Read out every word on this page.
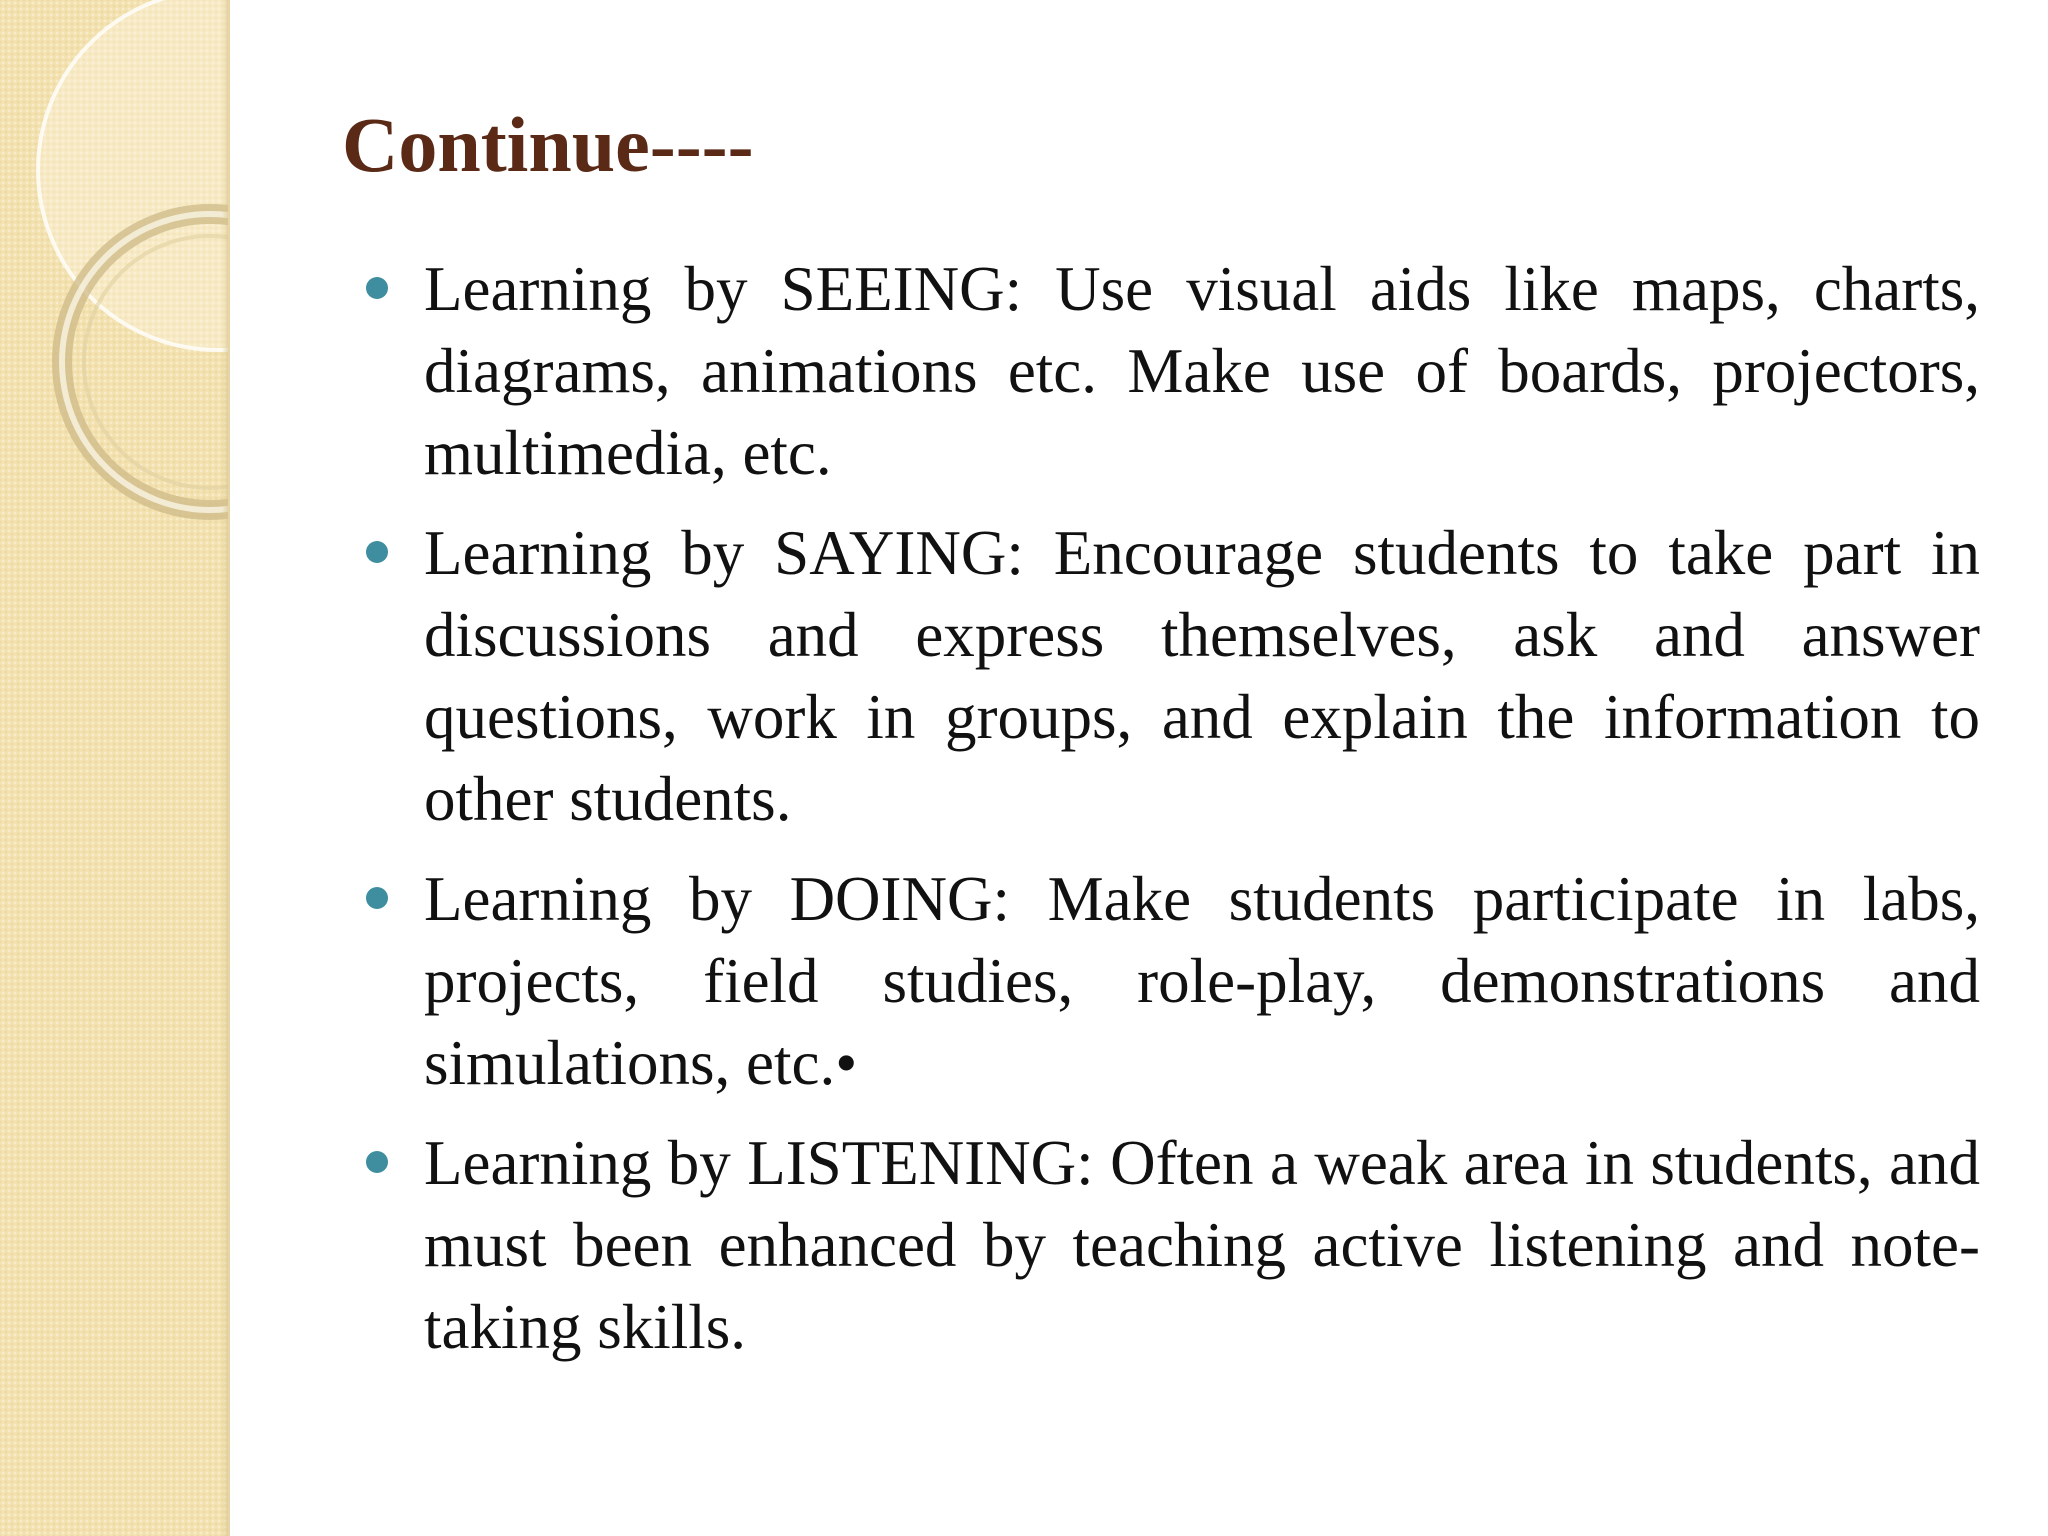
Continue----
Learning by SEEING: Use visual aids like maps, charts, diagrams, animations etc. Make use of boards, projectors, multimedia, etc.
Learning by SAYING: Encourage students to take part in discussions and express themselves, ask and answer questions, work in groups, and explain the information to other students.
Learning by DOING: Make students participate in labs, projects, field studies, role-play, demonstrations and simulations, etc.•
Learning by LISTENING: Often a weak area in students, and must been enhanced by teaching active listening and note-taking skills.
